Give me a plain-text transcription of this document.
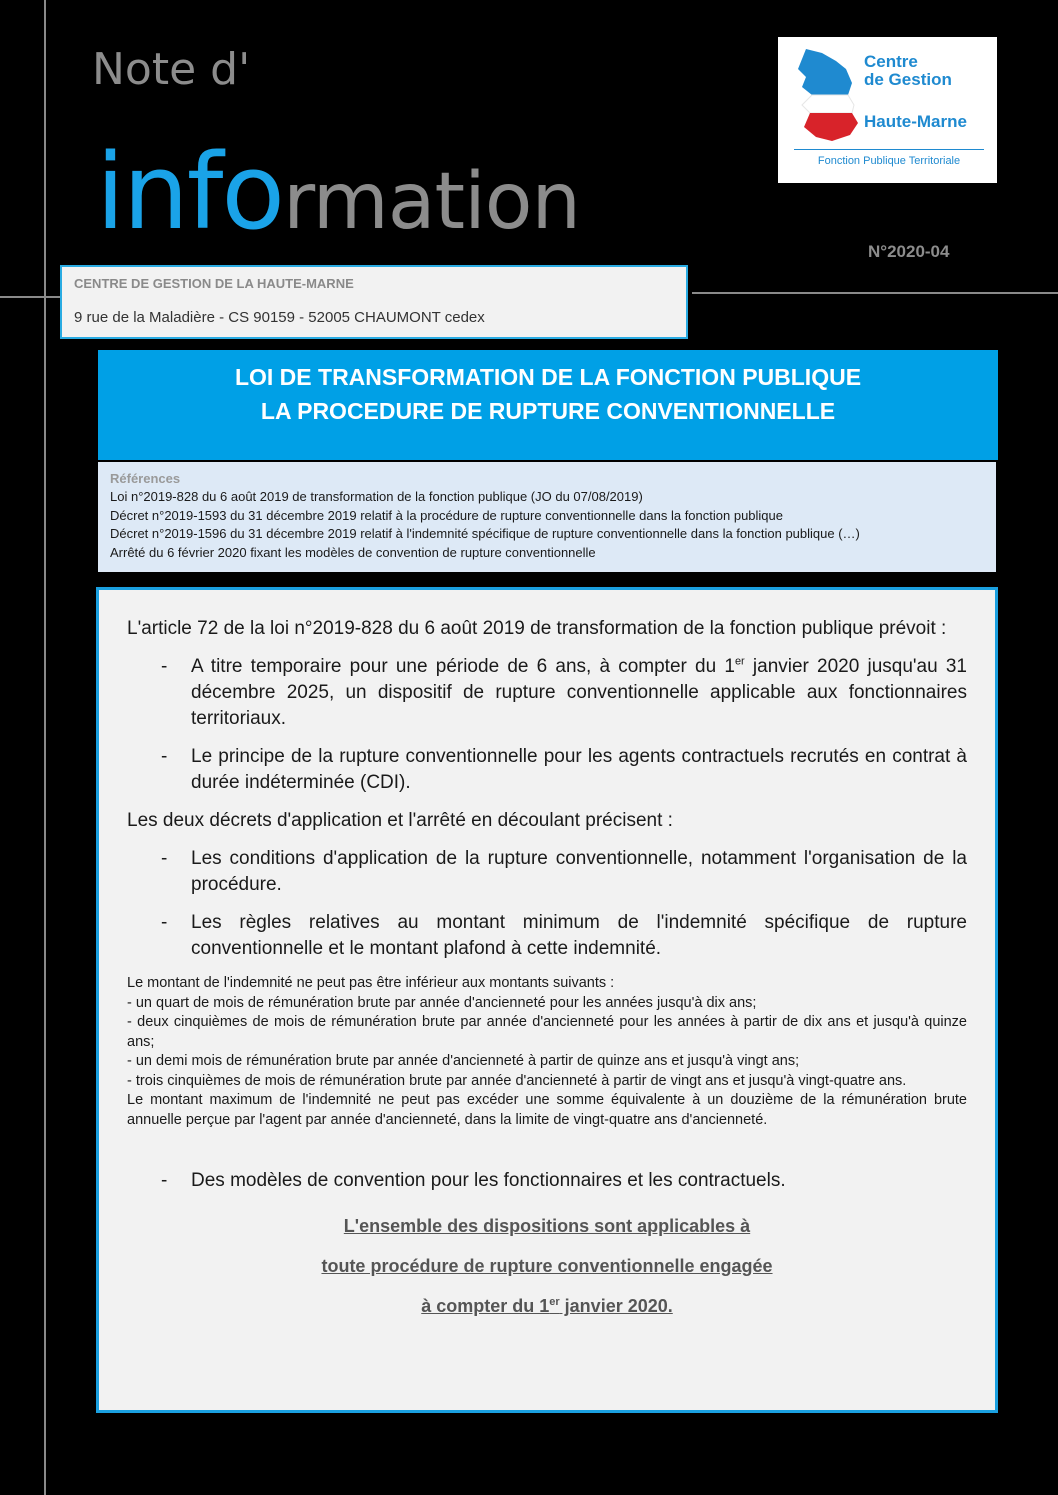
Note d'
information
Centre
de Gestion
Haute-Marne
Fonction Publique Territoriale
N°2020-04
CENTRE DE GESTION DE LA HAUTE-MARNE
9 rue de la Maladière - CS 90159 - 52005 CHAUMONT cedex
LOI DE TRANSFORMATION DE LA FONCTION PUBLIQUE
LA PROCEDURE DE RUPTURE CONVENTIONNELLE
Références
Loi n°2019-828 du 6 août 2019 de transformation de la fonction publique (JO du 07/08/2019)
Décret n°2019-1593 du 31 décembre 2019 relatif à la procédure de rupture conventionnelle dans la fonction publique
Décret n°2019-1596 du 31 décembre 2019 relatif à l'indemnité spécifique de rupture conventionnelle dans la fonction publique (…)
Arrêté du 6 février 2020 fixant les modèles de convention de rupture conventionnelle

L'article 72 de la loi n°2019-828 du 6 août 2019 de transformation de la fonction publique prévoit :

- A titre temporaire pour une période de 6 ans, à compter du 1er janvier 2020 jusqu'au 31 décembre 2025, un dispositif de rupture conventionnelle applicable aux fonctionnaires territoriaux.
- Le principe de la rupture conventionnelle pour les agents contractuels recrutés en contrat à durée indéterminée (CDI).

Les deux décrets d'application et l'arrêté en découlant précisent :

- Les conditions d'application de la rupture conventionnelle, notamment l'organisation de la procédure.
- Les règles relatives au montant minimum de l'indemnité spécifique de rupture conventionnelle et le montant plafond à cette indemnité.

Le montant de l'indemnité ne peut pas être inférieur aux montants suivants :

- un quart de mois de rémunération brute par année d'ancienneté pour les années jusqu'à dix ans;

- deux cinquièmes de mois de rémunération brute par année d'ancienneté pour les années à partir de dix ans et jusqu'à quinze ans;

- un demi mois de rémunération brute par année d'ancienneté à partir de quinze ans et jusqu'à vingt ans;

- trois cinquièmes de mois de rémunération brute par année d'ancienneté à partir de vingt ans et jusqu'à vingt-quatre ans.

Le montant maximum de l'indemnité ne peut pas excéder une somme équivalente à un douzième de la rémunération brute annuelle perçue par l'agent par année d'ancienneté, dans la limite de vingt-quatre ans d'ancienneté.

- Des modèles de convention pour les fonctionnaires et les contractuels.
L'ensemble des dispositions sont applicables à
toute procédure de rupture conventionnelle engagée
à compter du 1er janvier 2020.
